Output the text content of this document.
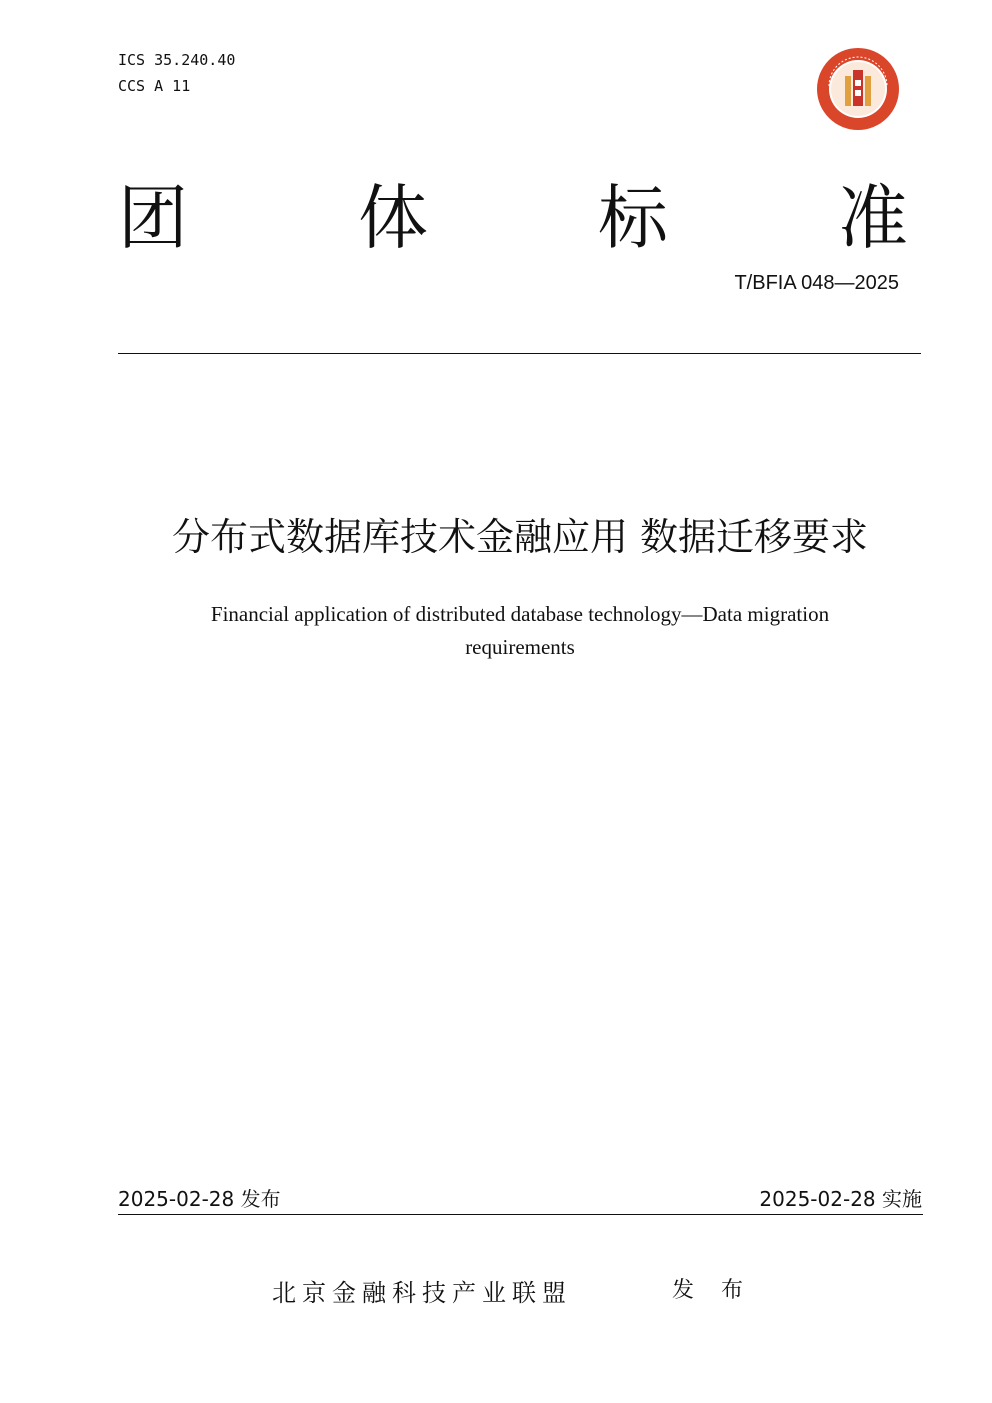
ICS 35.240.40
CCS A 11
团 体 标 准
T/BFIA 048—2025
分布式数据库技术金融应用 数据迁移要求
Financial application of distributed database technology—Data migration
requirements
2025-02-28 发布	2025-02-28 实施
北京金融科技产业联盟	发 布
